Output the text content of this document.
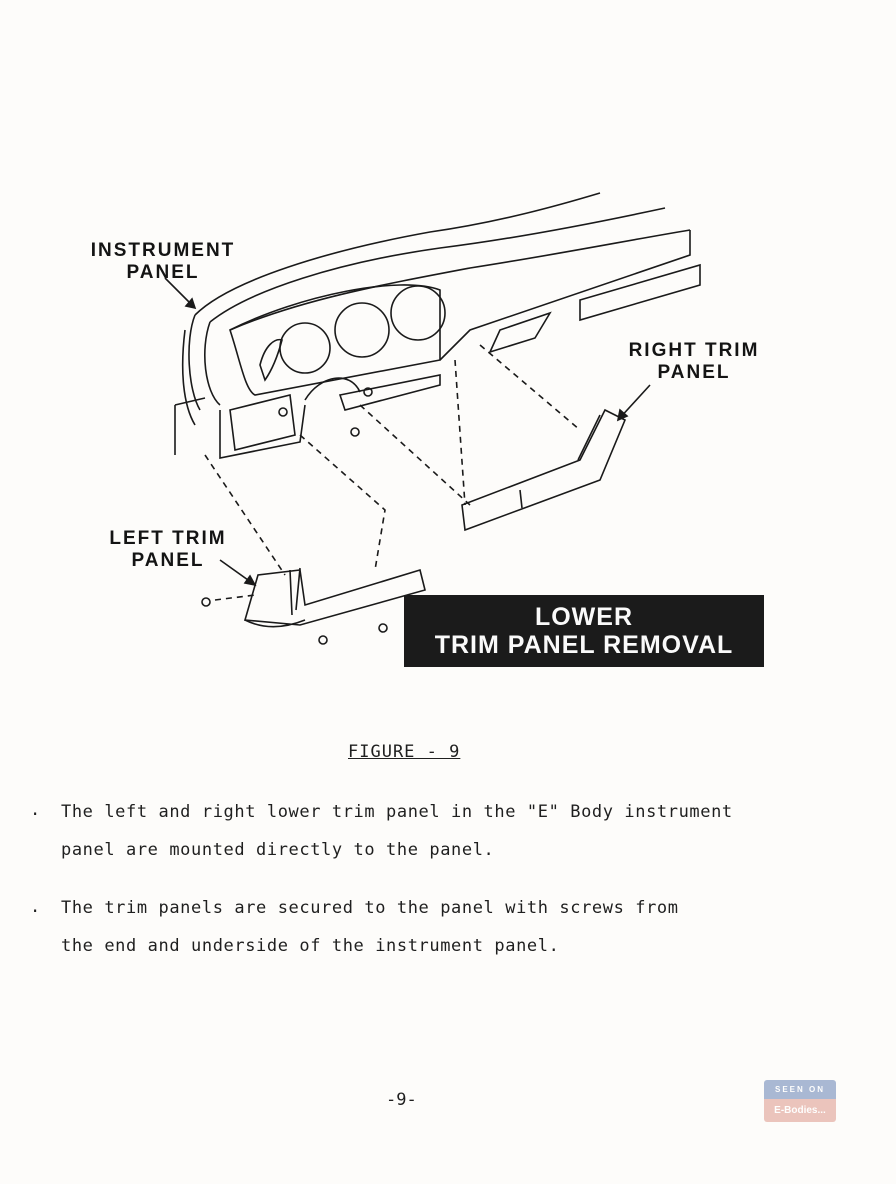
INSTRUMENT
PANEL
RIGHT TRIM
PANEL
LEFT TRIM
PANEL
LOWER
TRIM PANEL REMOVAL
FIGURE - 9
. The left and right lower trim panel in the "E" Body instrument
panel are mounted directly to the panel.
. The trim panels are secured to the panel with screws from
the end and underside of the instrument panel.
-9-
SEEN ON
E-Bodies...
